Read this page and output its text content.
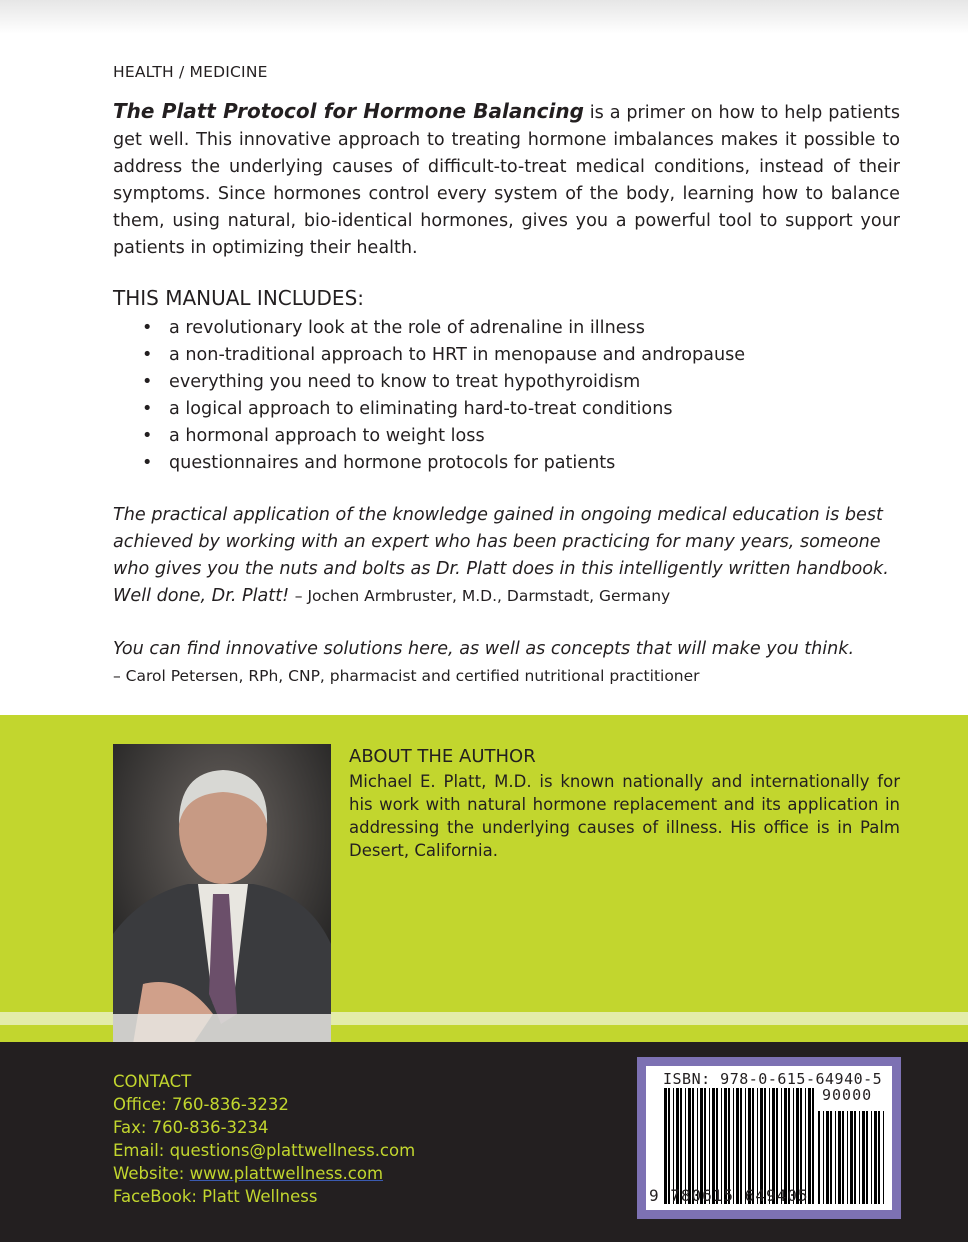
HEALTH / MEDICINE

The Platt Protocol for Hormone Balancing is a primer on how to help patients get well. This innovative approach to treating hormone imbalances makes it possible to address the underlying causes of difficult-to-treat medical conditions, instead of their symptoms. Since hormones control every system of the body, learning how to balance them, using natural, bio-identical hormones, gives you a powerful tool to support your patients in optimizing their health.

THIS MANUAL INCLUDES:
• a revolutionary look at the role of adrenaline in illness
• a non-traditional approach to HRT in menopause and andropause
• everything you need to know to treat hypothyroidism
• a logical approach to eliminating hard-to-treat conditions
• a hormonal approach to weight loss
• questionnaires and hormone protocols for patients

The practical application of the knowledge gained in ongoing medical education is best achieved by working with an expert who has been practicing for many years, someone who gives you the nuts and bolts as Dr. Platt does in this intelligently written handbook. Well done, Dr. Platt! – Jochen Armbruster, M.D., Darmstadt, Germany

You can find innovative solutions here, as well as concepts that will make you think.
– Carol Petersen, RPh, CNP, pharmacist and certified nutritional practitioner

ABOUT THE AUTHOR

Michael E. Platt, M.D. is known nationally and internationally for his work with natural hormone replacement and its application in addressing the underlying causes of illness. His office is in Palm Desert, California.

CONTACT
Office: 760-836-3232
Fax: 760-836-3234
Email: questions@plattwellness.com
Website: www.plattwellness.com
FaceBook: Platt Wellness
ISBN: 978-0-615-64940-5
90000
9 780615 649405
